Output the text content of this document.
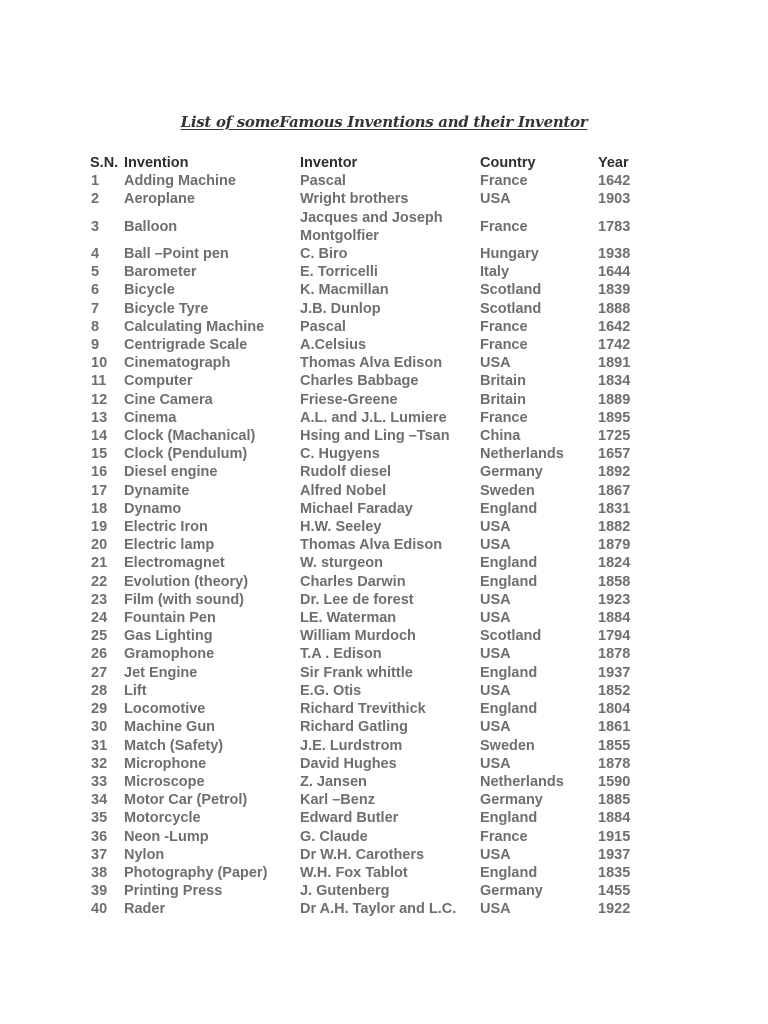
List of someFamous Inventions and their Inventor
S.N.	Invention	Inventor	Country	Year
1	Adding Machine	Pascal	France	1642
2	Aeroplane	Wright brothers	USA	1903
3	Balloon	Jacques and Joseph Montgolfier	France	1783
4	Ball –Point pen	C. Biro	Hungary	1938
5	Barometer	E. Torricelli	Italy	1644
6	Bicycle	K. Macmillan	Scotland	1839
7	Bicycle Tyre	J.B. Dunlop	Scotland	1888
8	Calculating Machine	Pascal	France	1642
9	Centrigrade Scale	A.Celsius	France	1742
10	Cinematograph	Thomas Alva Edison	USA	1891
11	Computer	Charles Babbage	Britain	1834
12	Cine Camera	Friese-Greene	Britain	1889
13	Cinema	A.L. and J.L. Lumiere	France	1895
14	Clock (Machanical)	Hsing and Ling –Tsan	China	1725
15	Clock (Pendulum)	C. Hugyens	Netherlands	1657
16	Diesel engine	Rudolf diesel	Germany	1892
17	Dynamite	Alfred Nobel	Sweden	1867
18	Dynamo	Michael Faraday	England	1831
19	Electric Iron	H.W. Seeley	USA	1882
20	Electric lamp	Thomas Alva Edison	USA	1879
21	Electromagnet	W. sturgeon	England	1824
22	Evolution (theory)	Charles Darwin	England	1858
23	Film (with sound)	Dr. Lee de forest	USA	1923
24	Fountain Pen	LE. Waterman	USA	1884
25	Gas Lighting	William Murdoch	Scotland	1794
26	Gramophone	T.A . Edison	USA	1878
27	Jet Engine	Sir Frank whittle	England	1937
28	Lift	E.G. Otis	USA	1852
29	Locomotive	Richard Trevithick	England	1804
30	Machine Gun	Richard Gatling	USA	1861
31	Match (Safety)	J.E. Lurdstrom	Sweden	1855
32	Microphone	David Hughes	USA	1878
33	Microscope	Z. Jansen	Netherlands	1590
34	Motor Car (Petrol)	Karl –Benz	Germany	1885
35	Motorcycle	Edward Butler	England	1884
36	Neon -Lump	G. Claude	France	1915
37	Nylon	Dr W.H. Carothers	USA	1937
38	Photography (Paper)	W.H. Fox Tablot	England	1835
39	Printing Press	J. Gutenberg	Germany	1455
40	Rader	Dr A.H. Taylor and L.C.	USA	1922
